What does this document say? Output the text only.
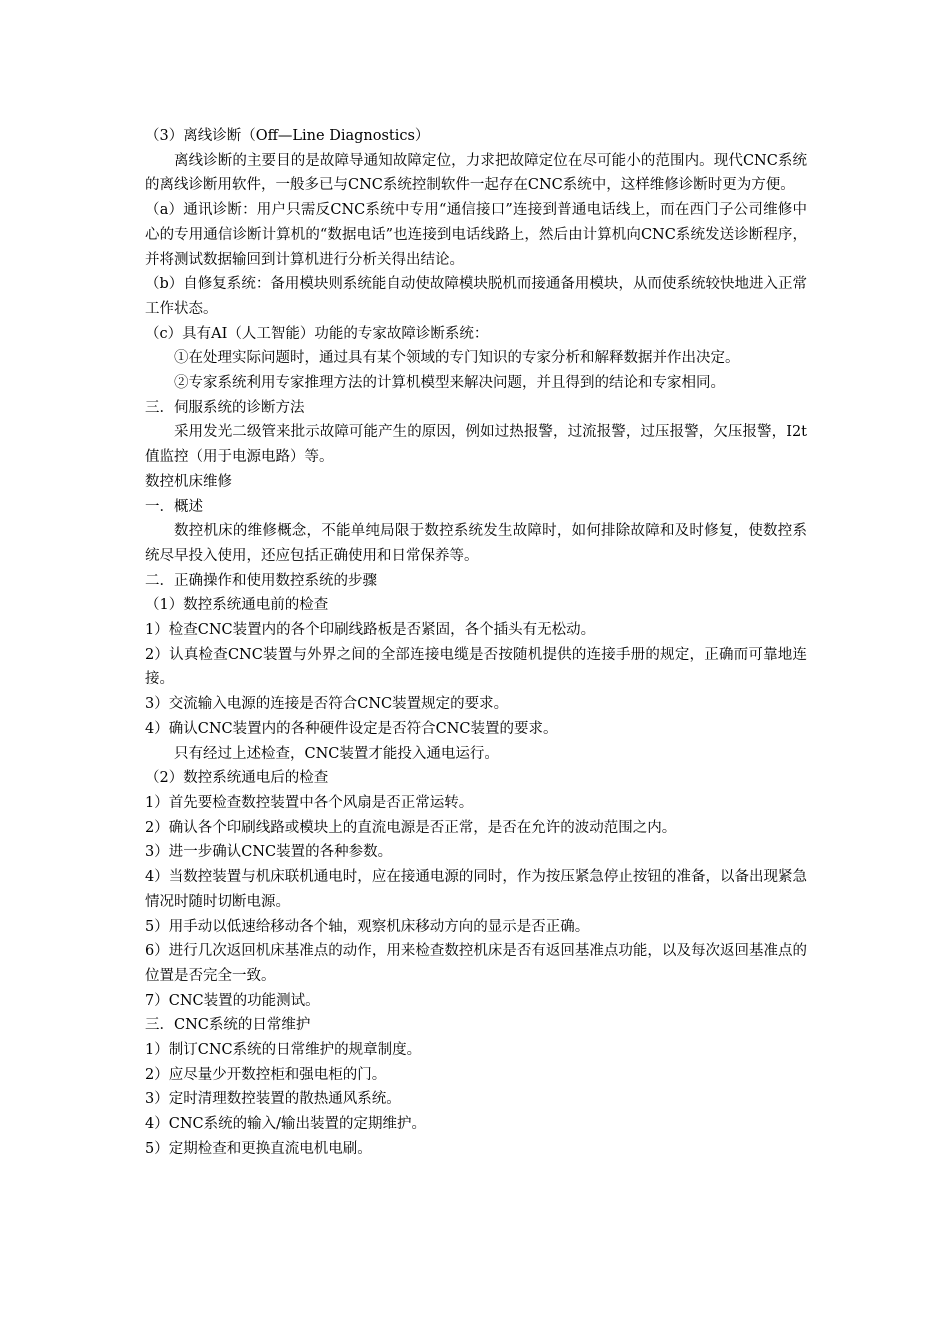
（3）离线诊断（Off—Line Diagnostics）

离线诊断的主要目的是故障导通知故障定位，力求把故障定位在尽可能小的范围内。现代CNC系统的离线诊断用软件，一般多已与CNC系统控制软件一起存在CNC系统中，这样维修诊断时更为方便。

（a）通讯诊断：用户只需反CNC系统中专用“通信接口”连接到普通电话线上，而在西门子公司维修中心的专用通信诊断计算机的“数据电话”也连接到电话线路上，然后由计算机向CNC系统发送诊断程序，并将测试数据输回到计算机进行分析关得出结论。

（b）自修复系统：备用模块则系统能自动使故障模块脱机而接通备用模块，从而使系统较快地进入正常工作状态。

（c）具有AI（人工智能）功能的专家故障诊断系统：

①在处理实际问题时，通过具有某个领域的专门知识的专家分析和解释数据并作出决定。

②专家系统利用专家推理方法的计算机模型来解决问题，并且得到的结论和专家相同。

三．伺服系统的诊断方法

采用发光二级管来批示故障可能产生的原因，例如过热报警，过流报警，过压报警，欠压报警，I2t值监控（用于电源电路）等。

数控机床维修

一．概述

数控机床的维修概念，不能单纯局限于数控系统发生故障时，如何排除故障和及时修复，使数控系统尽早投入使用，还应包括正确使用和日常保养等。

二．正确操作和使用数控系统的步骤

（1）数控系统通电前的检查

1）检查CNC装置内的各个印刷线路板是否紧固，各个插头有无松动。

2）认真检查CNC装置与外界之间的全部连接电缆是否按随机提供的连接手册的规定，正确而可靠地连接。

3）交流输入电源的连接是否符合CNC装置规定的要求。

4）确认CNC装置内的各种硬件设定是否符合CNC装置的要求。

只有经过上述检查，CNC装置才能投入通电运行。

（2）数控系统通电后的检查

1）首先要检查数控装置中各个风扇是否正常运转。

2）确认各个印刷线路或模块上的直流电源是否正常，是否在允许的波动范围之内。

3）进一步确认CNC装置的各种参数。

4）当数控装置与机床联机通电时，应在接通电源的同时，作为按压紧急停止按钮的准备，以备出现紧急情况时随时切断电源。

5）用手动以低速给移动各个轴，观察机床移动方向的显示是否正确。

6）进行几次返回机床基准点的动作，用来检查数控机床是否有返回基准点功能，以及每次返回基准点的位置是否完全一致。

7）CNC装置的功能测试。

三．CNC系统的日常维护

1）制订CNC系统的日常维护的规章制度。

2）应尽量少开数控柜和强电柜的门。

3）定时清理数控装置的散热通风系统。

4）CNC系统的输入/输出装置的定期维护。

5）定期检查和更换直流电机电刷。
